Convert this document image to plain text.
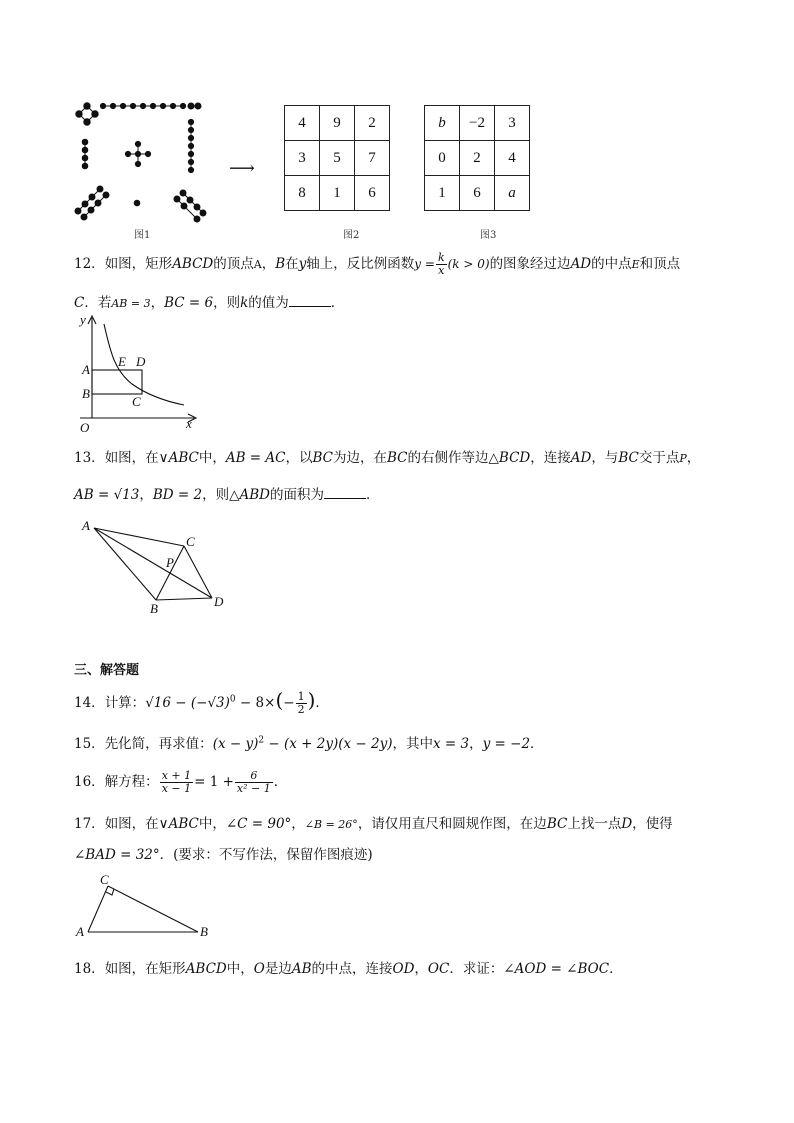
图1
⟶
4	9	2
3	5	7
8	1	6
图2
b	−2	3
0	2	4
1	6	a
图3
12．如图，矩形ABCD的顶点A，B在y轴上，反比例函数$y = \frac{k}{x} (k > 0)$的图象经过边AD的中点E和顶点
C．若AB = 3，BC = 6，则k的值为	．
y
x
O
A
B
E D
C
13．如图，在∨ABC中，AB = AC，以BC为边，在BC的右侧作等边△BCD，连接AD，与BC交于点P，
AB = √13，BD = 2，则△ABD的面积为	．
A
C
P
B	D
三、解答题
14．计算：$√16 - (-√3)^0 - 8\times(- \frac{1}{2}$ )．
15．先化简，再求值：$(x - y)^2 - (x + 2y)(x - 2y)$，其中x = 3，y = −2．
16．解方程： $\frac{x + 1}{x - 1} = 1 + \frac{6}{\text{x² − 1}}$ ．
17．如图，在∨ABC中，∠C = 90°，∠B = 26°，请仅用直尺和圆规作图，在边BC上找一点D，使得
∠BAD = 32°．(要求：不写作法，保留作图痕迹)
A
C
B
18．如图，在矩形ABCD中，O是边AB的中点，连接OD，OC．求证：∠AOD = ∠BOC．
